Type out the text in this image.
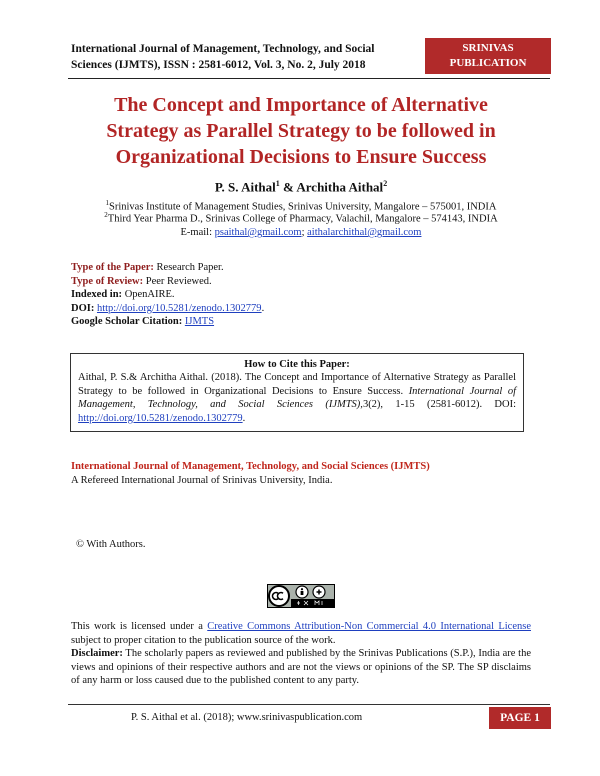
International Journal of Management, Technology, and Social
Sciences (IJMTS), ISSN : 2581-6012, Vol. 3, No. 2, July 2018
SRINIVAS
PUBLICATION
The Concept and Importance of Alternative
Strategy as Parallel Strategy to be followed in
Organizational Decisions to Ensure Success
P. S. Aithal$^1$ & Architha Aithal$^2$
$^1$Srinivas Institute of Management Studies, Srinivas University, Mangalore – 575001, INDIA
$^2$Third Year Pharma D., Srinivas College of Pharmacy, Valachil, Mangalore – 574143, INDIA
E-mail: psaithal@gmail.com; aithalarchithal@gmail.com
Type of the Paper: Research Paper.
Type of Review: Peer Reviewed.
Indexed in: OpenAIRE.
DOI: http://doi.org/10.5281/zenodo.1302779.
Google Scholar Citation: IJMTS
How to Cite this Paper:
Aithal, P. S.& Architha Aithal. (2018). The Concept and Importance of Alternative Strategy as Parallel Strategy to be followed in Organizational Decisions to Ensure Success. International Journal of Management, Technology, and Social Sciences (IJMTS),3(2), 1-15 (2581-6012). DOI: http://doi.org/10.5281/zenodo.1302779.
International Journal of Management, Technology, and Social Sciences (IJMTS)
A Refereed International Journal of Srinivas University, India.
© With Authors.
This work is licensed under a Creative Commons Attribution-Non Commercial 4.0 International License subject to proper citation to the publication source of the work.
Disclaimer: The scholarly papers as reviewed and published by the Srinivas Publications (S.P.), India are the views and opinions of their respective authors and are not the views or opinions of the SP. The SP disclaims of any harm or loss caused due to the published content to any party.
P. S. Aithal et al. (2018); www.srinivaspublication.com	PAGE 1
